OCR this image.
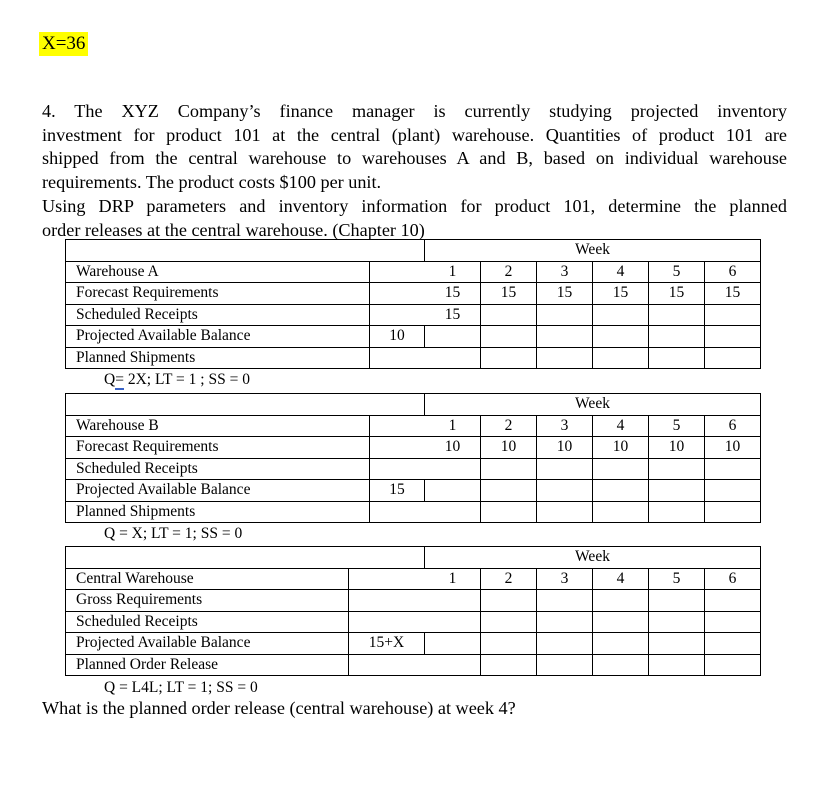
X=36

4. The XYZ Company’s finance manager is currently studying projected inventory

investment for product 101 at the central (plant) warehouse. Quantities of product 101 are

shipped from the central warehouse to warehouses A and B, based on individual warehouse

requirements. The product costs $100 per unit.

Using DRP parameters and inventory information for product 101, determine the planned

order releases at the central warehouse. (Chapter 10)

		Week					
Warehouse A		1	2	3	4	5	6
Forecast Requirements		15	15	15	15	15	15
Scheduled Receipts		15					
Projected Available Balance	10						
Planned Shipments							
Q= 2X; LT = 1 ; SS = 0
		Week					
Warehouse B		1	2	3	4	5	6
Forecast Requirements		10	10	10	10	10	10
Scheduled Receipts							
Projected Available Balance	15						
Planned Shipments							
Q = X; LT = 1; SS = 0
		Week					
Central Warehouse		1	2	3	4	5	6
Gross Requirements							
Scheduled Receipts							
Projected Available Balance	15+X						
Planned Order Release							
Q = L4L; LT = 1; SS = 0
What is the planned order release (central warehouse) at week 4?
